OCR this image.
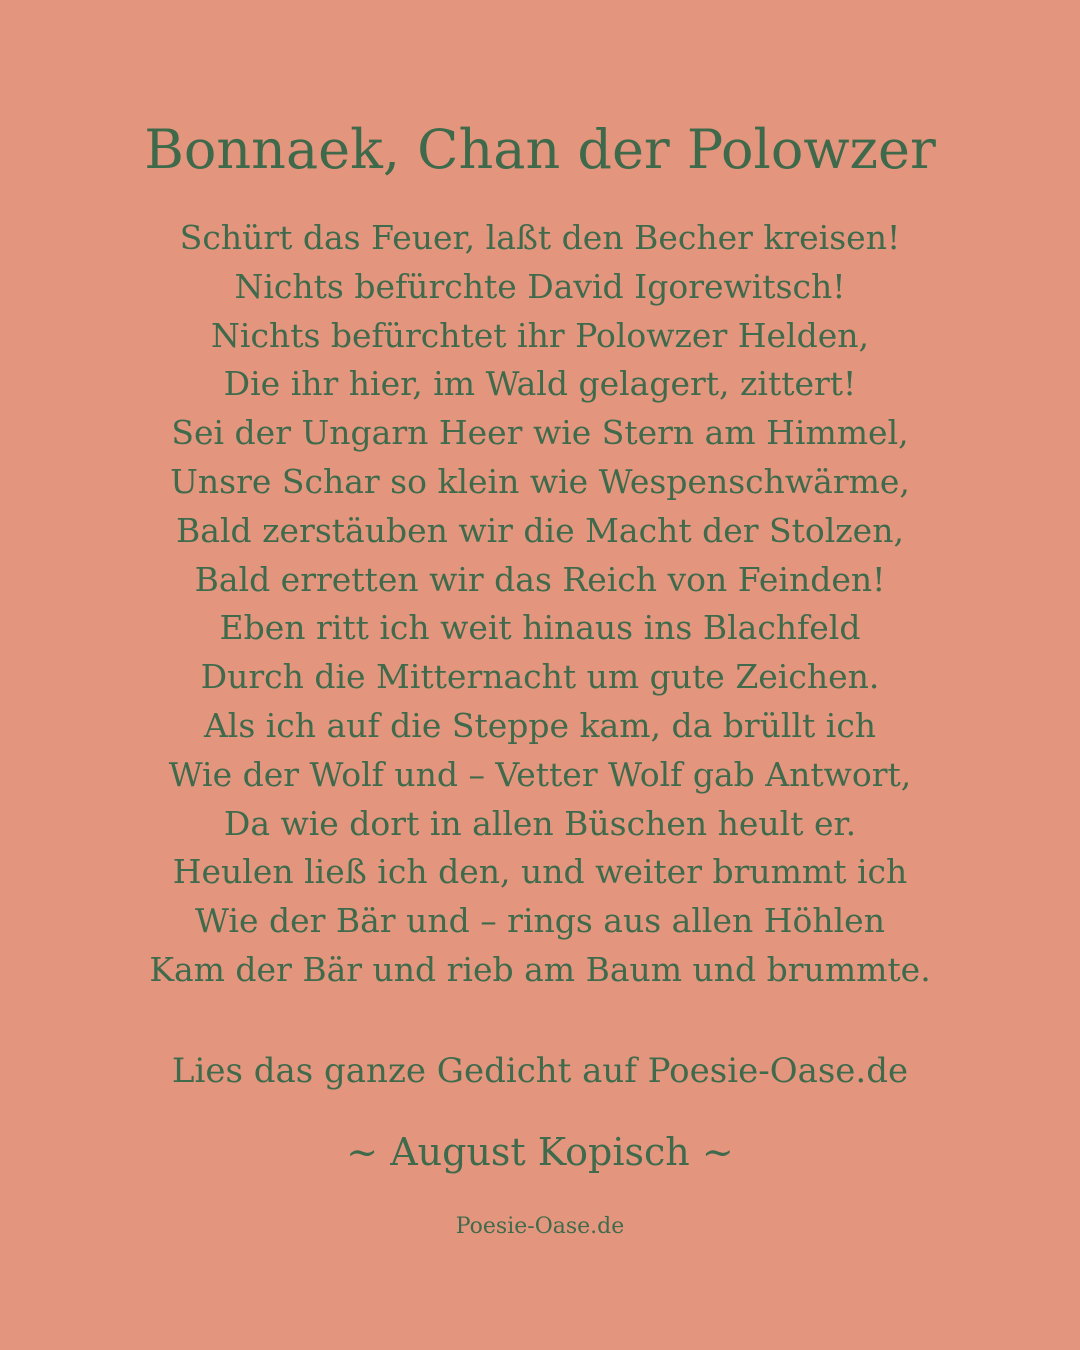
Bonnaek, Chan der Polowzer
Schürt das Feuer, laßt den Becher kreisen!
Nichts befürchte David Igorewitsch!
Nichts befürchtet ihr Polowzer Helden,
Die ihr hier, im Wald gelagert, zittert!
Sei der Ungarn Heer wie Stern am Himmel,
Unsre Schar so klein wie Wespenschwärme,
Bald zerstäuben wir die Macht der Stolzen,
Bald erretten wir das Reich von Feinden!
Eben ritt ich weit hinaus ins Blachfeld
Durch die Mitternacht um gute Zeichen.
Als ich auf die Steppe kam, da brüllt ich
Wie der Wolf und – Vetter Wolf gab Antwort,
Da wie dort in allen Büschen heult er.
Heulen ließ ich den, und weiter brummt ich
Wie der Bär und – rings aus allen Höhlen
Kam der Bär und rieb am Baum und brummte.
Lies das ganze Gedicht auf Poesie-Oase.de
~ August Kopisch ~
Poesie-Oase.de
